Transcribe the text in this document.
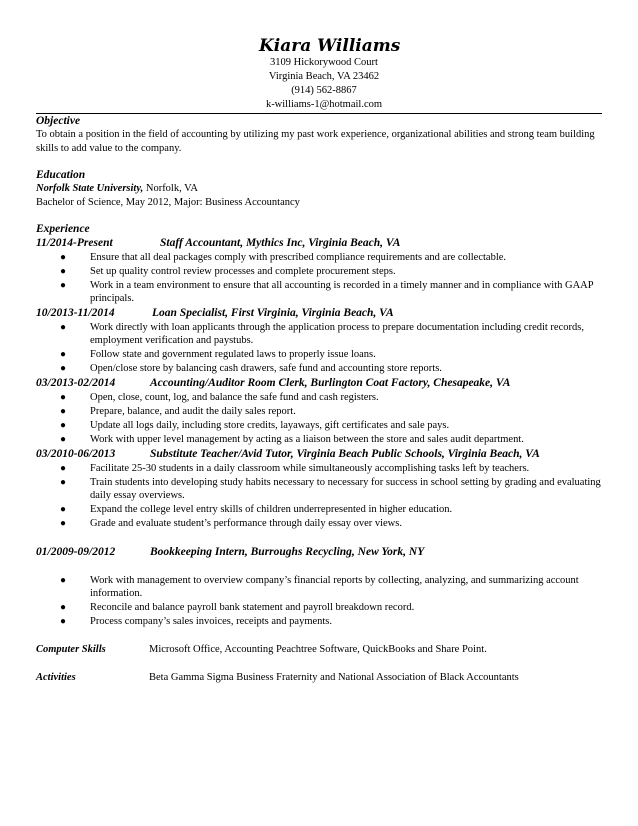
Kiara Williams
3109 Hickorywood Court
Virginia Beach, VA 23462
(914) 562-8867
k-williams-1@hotmail.com
Objective
To obtain a position in the field of accounting by utilizing my past work experience, organizational abilities and strong team building skills to add value to the company.
Education
Norfolk State University, Norfolk, VA
Bachelor of Science, May 2012, Major: Business Accountancy
Experience
11/2014-Present	Staff Accountant, Mythics Inc, Virginia Beach, VA
● Ensure that all deal packages comply with prescribed compliance requirements and are collectable.
● Set up quality control review processes and complete procurement steps.
● Work in a team environment to ensure that all accounting is recorded in a timely manner and in compliance with GAAP principals.
10/2013-11/2014	Loan Specialist, First Virginia, Virginia Beach, VA
● Work directly with loan applicants through the application process to prepare documentation including credit records, employment verification and paystubs.
● Follow state and government regulated laws to properly issue loans.
● Open/close store by balancing cash drawers, safe fund and accounting store reports.
03/2013-02/2014	Accounting/Auditor Room Clerk, Burlington Coat Factory, Chesapeake, VA
● Open, close, count, log, and balance the safe fund and cash registers.
● Prepare, balance, and audit the daily sales report.
● Update all logs daily, including store credits, layaways, gift certificates and sale pays.
● Work with upper level management by acting as a liaison between the store and sales audit department.
03/2010-06/2013	Substitute Teacher/Avid Tutor, Virginia Beach Public Schools, Virginia Beach, VA
● Facilitate 25-30 students in a daily classroom while simultaneously accomplishing tasks left by teachers.
● Train students into developing study habits necessary to necessary for success in school setting by grading and evaluating daily essay overviews.
● Expand the college level entry skills of children underrepresented in higher education.
● Grade and evaluate student’s performance through daily essay over views.
01/2009-09/2012	Bookkeeping Intern, Burroughs Recycling, New York, NY
● Work with management to overview company’s financial reports by collecting, analyzing, and summarizing account information.
● Reconcile and balance payroll bank statement and payroll breakdown record.
● Process company’s sales invoices, receipts and payments.
Computer Skills	Microsoft Office, Accounting Peachtree Software, QuickBooks and Share Point.
Activities	Beta Gamma Sigma Business Fraternity and National Association of Black Accountants
